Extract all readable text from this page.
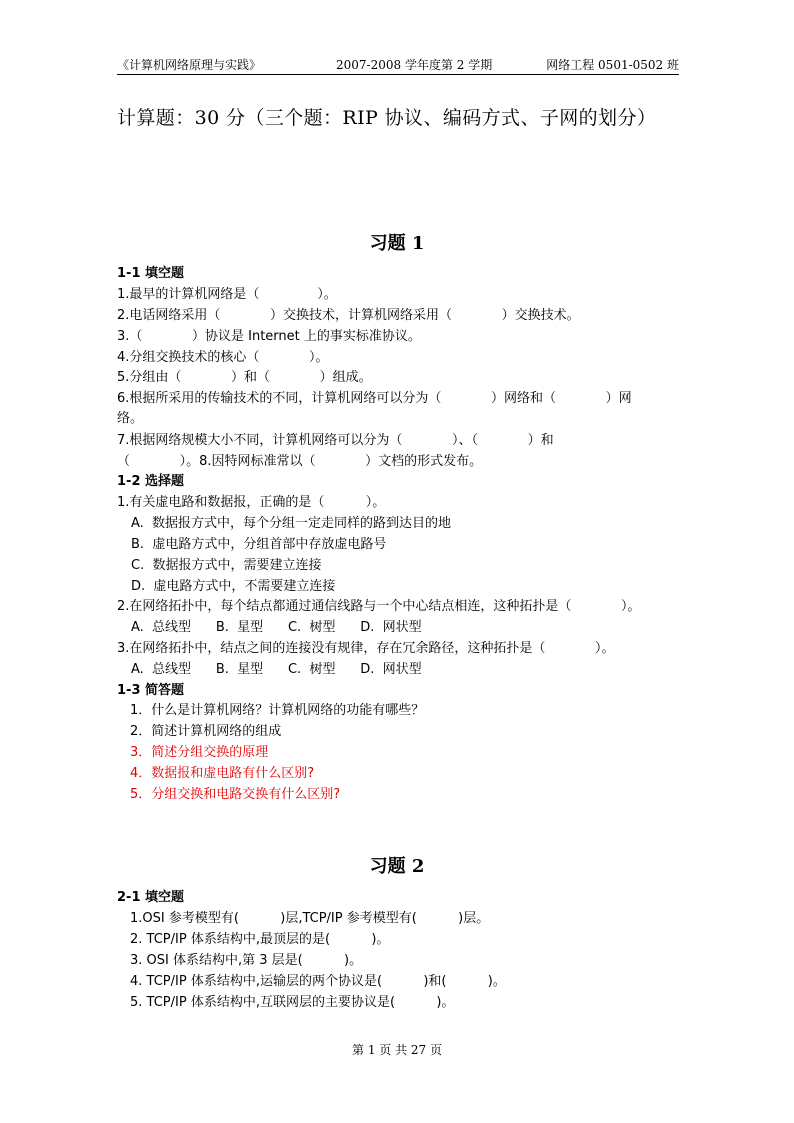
《计算机网络原理与实践》	2007-2008 学年度第 2 学期	网络工程 0501-0502 班
计算题：30 分（三个题：RIP 协议、编码方式、子网的划分）
习题 1
1-1 填空题
1.最早的计算机网络是（              ）。
2.电话网络采用（            ）交换技术，计算机网络采用（            ）交换技术。
3.（            ）协议是 Internet 上的事实标准协议。
4.分组交换技术的核心（            ）。
5.分组由（            ）和（            ）组成。
6.根据所采用的传输技术的不同，计算机网络可以分为（            ）网络和（            ）网
络。
7.根据网络规模大小不同，计算机网络可以分为（            ）、（            ）和
（            ）。8.因特网标准常以（            ）文档的形式发布。
1-2 选择题
1.有关虚电路和数据报，正确的是（          ）。
A.  数据报方式中，每个分组一定走同样的路到达目的地
B.  虚电路方式中，分组首部中存放虚电路号
C.  数据报方式中，需要建立连接
D.  虚电路方式中，不需要建立连接
2.在网络拓扑中，每个结点都通过通信线路与一个中心结点相连，这种拓扑是（            ）。
A.  总线型      B.  星型      C.  树型      D.  网状型
3.在网络拓扑中，结点之间的连接没有规律，存在冗余路径，这种拓扑是（            ）。
A.  总线型      B.  星型      C.  树型      D.  网状型
1-3 简答题
1．什么是计算机网络？计算机网络的功能有哪些？
2．简述计算机网络的组成
3．简述分组交换的原理
4．数据报和虚电路有什么区别?
5．分组交换和电路交换有什么区别?
习题 2
2-1 填空题
1.OSI 参考模型有(          )层,TCP/IP 参考模型有(          )层。
2. TCP/IP 体系结构中,最顶层的是(          )。
3. OSI 体系结构中,第 3 层是(          )。
4. TCP/IP 体系结构中,运输层的两个协议是(          )和(          )。
5. TCP/IP 体系结构中,互联网层的主要协议是(          )。
第 1 页 共 27 页
